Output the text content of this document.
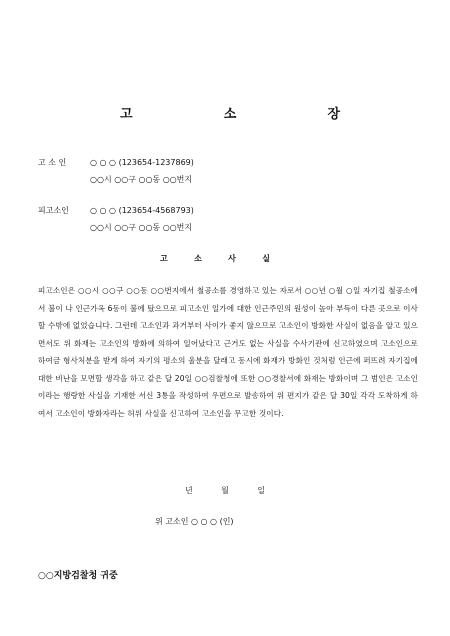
고	소	장
고 소 인	○ ○ ○ (123654-1237869)
○○시 ○○구 ○○동 ○○번지
피고소인	○ ○ ○ (123654-4568793)
○○시 ○○구 ○○동 ○○번지
고	소	사	실
피고소인은 ○○시 ○○구 ○○동 ○○번지에서 철공소를 경영하고 있는 자로서 ○○년 ○월 ○일 자기집 철공소에서 불이 나 인근가옥 6동이 불에 탔으므로 피고소인 일가에 대한 인근주민의 원성이 높아 부득이 다른 곳으로 이사할 수밖에 없었습니다. 그런데 고소인과 과거부터 사이가 좋지 않으므로 고소인이 방화한 사실이 없음을 알고 있으면서도 위 화재는 고소인의 방화에 의하여 일어났다고 근거도 없는 사실을 수사기관에 신고하였으며 고소인으로 하여금 형사처분을 받게 하여 자기의 평소의 울분을 달래고 동시에 화재가 방화인 것처럼 인근에 퍼뜨려 자기집에 대한 비난을 모면할 생각을 하고 같은 달 20일 ○○검찰청에 또한 ○○경찰서에 화재는 방화이며 그 범인은 고소인이라는 행랑한 사실을 기재한 서신 3통을 작성하여 우편으로 발송하여 위 편지가 같은 달 30일 각각 도착하게 하여서 고소인이 방화자라는 허위 사실을 신고하여 고소인을 무고한 것이다.
년	월	일
위 고소인 ○ ○ ○ (인)
○○지방검찰청 귀중
